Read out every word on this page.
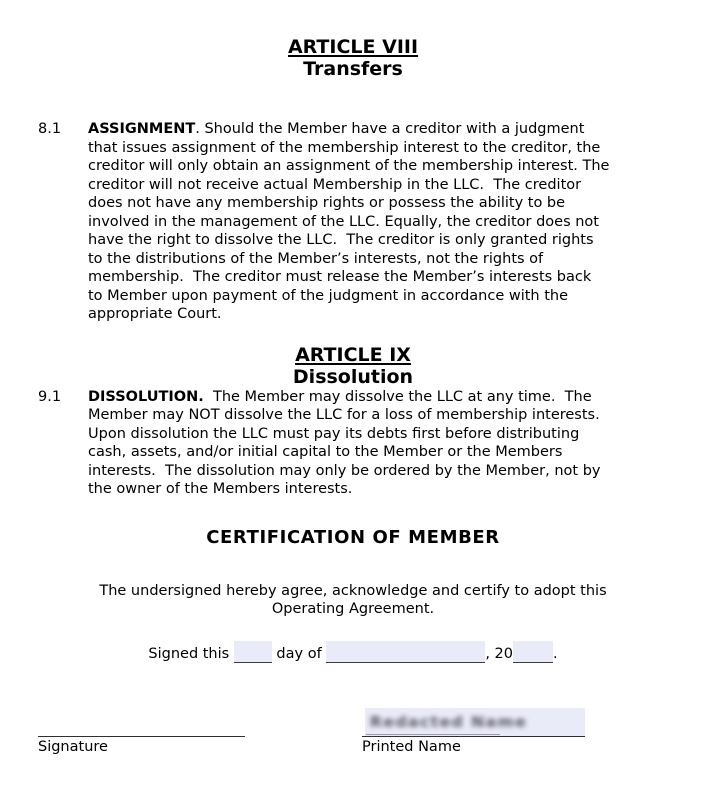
ARTICLE VIII
Transfers
8.1	ASSIGNMENT. Should the Member have a creditor with a judgment
that issues assignment of the membership interest to the creditor, the
creditor will only obtain an assignment of the membership interest. The
creditor will not receive actual Membership in the LLC.  The creditor
does not have any membership rights or possess the ability to be
involved in the management of the LLC. Equally, the creditor does not
have the right to dissolve the LLC.  The creditor is only granted rights
to the distributions of the Member’s interests, not the rights of
membership.  The creditor must release the Member’s interests back
to Member upon payment of the judgment in accordance with the
appropriate Court.
ARTICLE IX
Dissolution
9.1	DISSOLUTION.  The Member may dissolve the LLC at any time.  The
Member may NOT dissolve the LLC for a loss of membership interests.
Upon dissolution the LLC must pay its debts first before distributing
cash, assets, and/or initial capital to the Member or the Members
interests.  The dissolution may only be ordered by the Member, not by
the owner of the Members interests.
CERTIFICATION OF MEMBER
The undersigned hereby agree, acknowledge and certify to adopt this
Operating Agreement.
Signed this	day of	, 20	.
Signature
Redacted Name
Printed Name
